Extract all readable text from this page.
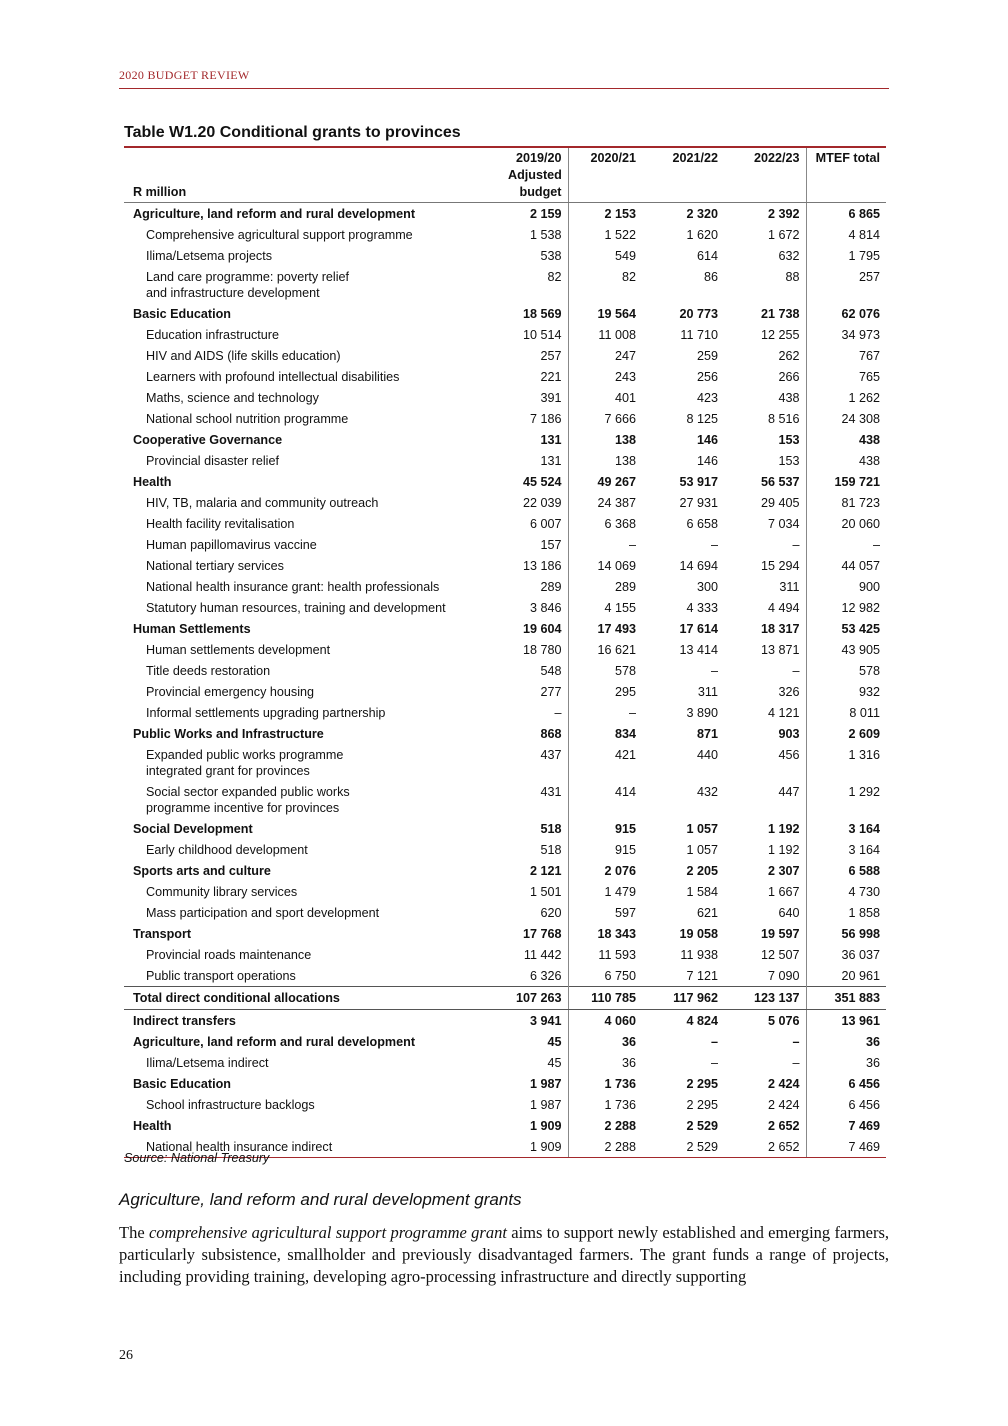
2020 BUDGET REVIEW
Table W1.20 Conditional grants to provinces
R million	2019/20
Adjusted
budget	2020/21	2021/22	2022/23	MTEF total
Agriculture, land reform and rural development	2 159	2 153	2 320	2 392	6 865
Comprehensive agricultural support programme	1 538	1 522	1 620	1 672	4 814
Ilima/Letsema projects	538	549	614	632	1 795
Land care programme: poverty relief
and infrastructure development	82	82	86	88	257
Basic Education	18 569	19 564	20 773	21 738	62 076
Education infrastructure	10 514	11 008	11 710	12 255	34 973
HIV and AIDS (life skills education)	257	247	259	262	767
Learners with profound intellectual disabilities	221	243	256	266	765
Maths, science and technology	391	401	423	438	1 262
National school nutrition programme	7 186	7 666	8 125	8 516	24 308
Cooperative Governance	131	138	146	153	438
Provincial disaster relief	131	138	146	153	438
Health	45 524	49 267	53 917	56 537	159 721
HIV, TB, malaria and community outreach	22 039	24 387	27 931	29 405	81 723
Health facility revitalisation	6 007	6 368	6 658	7 034	20 060
Human papillomavirus vaccine	157	–	–	–	–
National tertiary services	13 186	14 069	14 694	15 294	44 057
National health insurance grant: health professionals	289	289	300	311	900
Statutory human resources, training and development	3 846	4 155	4 333	4 494	12 982
Human Settlements	19 604	17 493	17 614	18 317	53 425
Human settlements development	18 780	16 621	13 414	13 871	43 905
Title deeds restoration	548	578	–	–	578
Provincial emergency housing	277	295	311	326	932
Informal settlements upgrading partnership	–	–	3 890	4 121	8 011
Public Works and Infrastructure	868	834	871	903	2 609
Expanded public works programme
integrated grant for provinces	437	421	440	456	1 316
Social sector expanded public works
programme incentive for provinces	431	414	432	447	1 292
Social Development	518	915	1 057	1 192	3 164
Early childhood development	518	915	1 057	1 192	3 164
Sports arts and culture	2 121	2 076	2 205	2 307	6 588
Community library services	1 501	1 479	1 584	1 667	4 730
Mass participation and sport development	620	597	621	640	1 858
Transport	17 768	18 343	19 058	19 597	56 998
Provincial roads maintenance	11 442	11 593	11 938	12 507	36 037
Public transport operations	6 326	6 750	7 121	7 090	20 961
Total direct conditional allocations	107 263	110 785	117 962	123 137	351 883
Indirect transfers	3 941	4 060	4 824	5 076	13 961
Agriculture, land reform and rural development	45	36	–	–	36
Ilima/Letsema indirect	45	36	–	–	36
Basic Education	1 987	1 736	2 295	2 424	6 456
School infrastructure backlogs	1 987	1 736	2 295	2 424	6 456
Health	1 909	2 288	2 529	2 652	7 469
National health insurance indirect	1 909	2 288	2 529	2 652	7 469
Source: National Treasury
Agriculture, land reform and rural development grants
The comprehensive agricultural support programme grant aims to support newly established and emerging farmers, particularly subsistence, smallholder and previously disadvantaged farmers. The grant funds a range of projects, including providing training, developing agro-processing infrastructure and directly supporting
26
